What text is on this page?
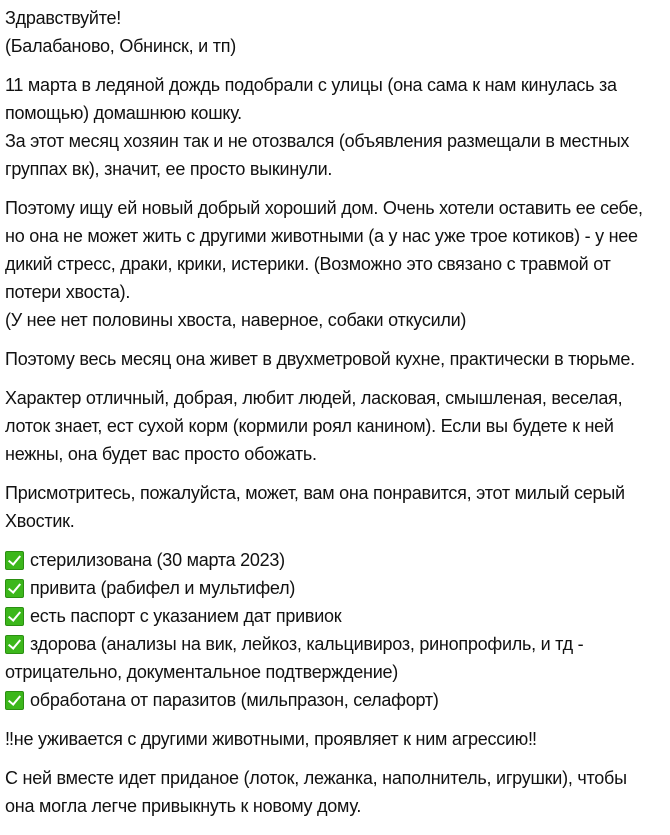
Здравствуйте!
(Балабаново, Обнинск, и тп)
11 марта в ледяной дождь подобрали с улицы (она сама к нам кинулась за
помощью) домашнюю кошку.
За этот месяц хозяин так и не отозвался (объявления размещали в местных
группах вк), значит, ее просто выкинули.
Поэтому ищу ей новый добрый хороший дом. Очень хотели оставить ее себе,
но она не может жить с другими животными (а у нас уже трое котиков) - у нее
дикий стресс, драки, крики, истерики. (Возможно это связано с травмой от
потери хвоста).
(У нее нет половины хвоста, наверное, собаки откусили)
Поэтому весь месяц она живет в двухметровой кухне, практически в тюрьме.
Характер отличный, добрая, любит людей, ласковая, смышленая, веселая,
лоток знает, ест сухой корм (кормили роял канином). Если вы будете к ней
нежны, она будет вас просто обожать.
Присмотритесь, пожалуйста, может, вам она понравится, этот милый серый
Хвостик.
стерилизована (30 марта 2023)
привита (рабифел и мультифел)
есть паспорт с указанием дат привиок
здорова (анализы на вик, лейкоз, кальцивироз, ринопрофиль, и тд -
отрицательно, документальное подтверждение)
обработана от паразитов (мильпразон, селафорт)
‼не уживается с другими животными, проявляет к ним агрессию‼
С ней вместе идет приданое (лоток, лежанка, наполнитель, игрушки), чтобы
она могла легче привыкнуть к новому дому.
